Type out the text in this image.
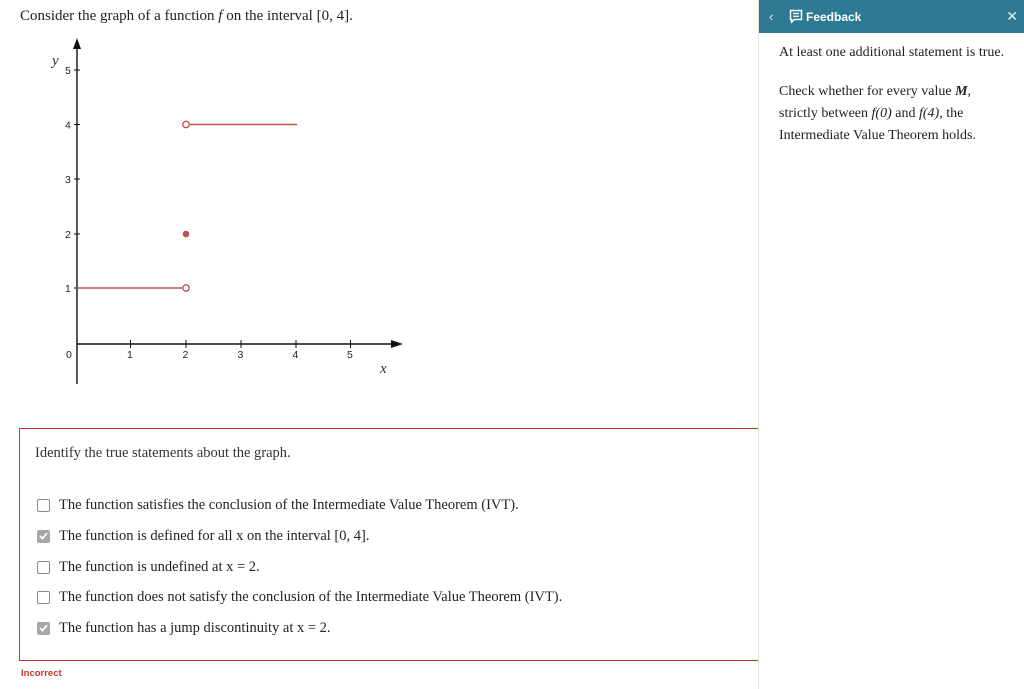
Consider the graph of a function f on the interval [0, 4].
5
4
3
2
1
y
0	1	2	3	4	5
x
Identify the true statements about the graph.
The function satisfies the conclusion of the Intermediate Value Theorem (IVT).
The function is defined for all x on the interval [0, 4].
The function is undefined at x = 2.
The function does not satisfy the conclusion of the Intermediate Value Theorem (IVT).
The function has a jump discontinuity at x = 2.
Incorrect
‹	Feedback	✕

At least one additional statement is true.

Check whether for every value M, strictly between f(0) and f(4), the Intermediate Value Theorem holds.
